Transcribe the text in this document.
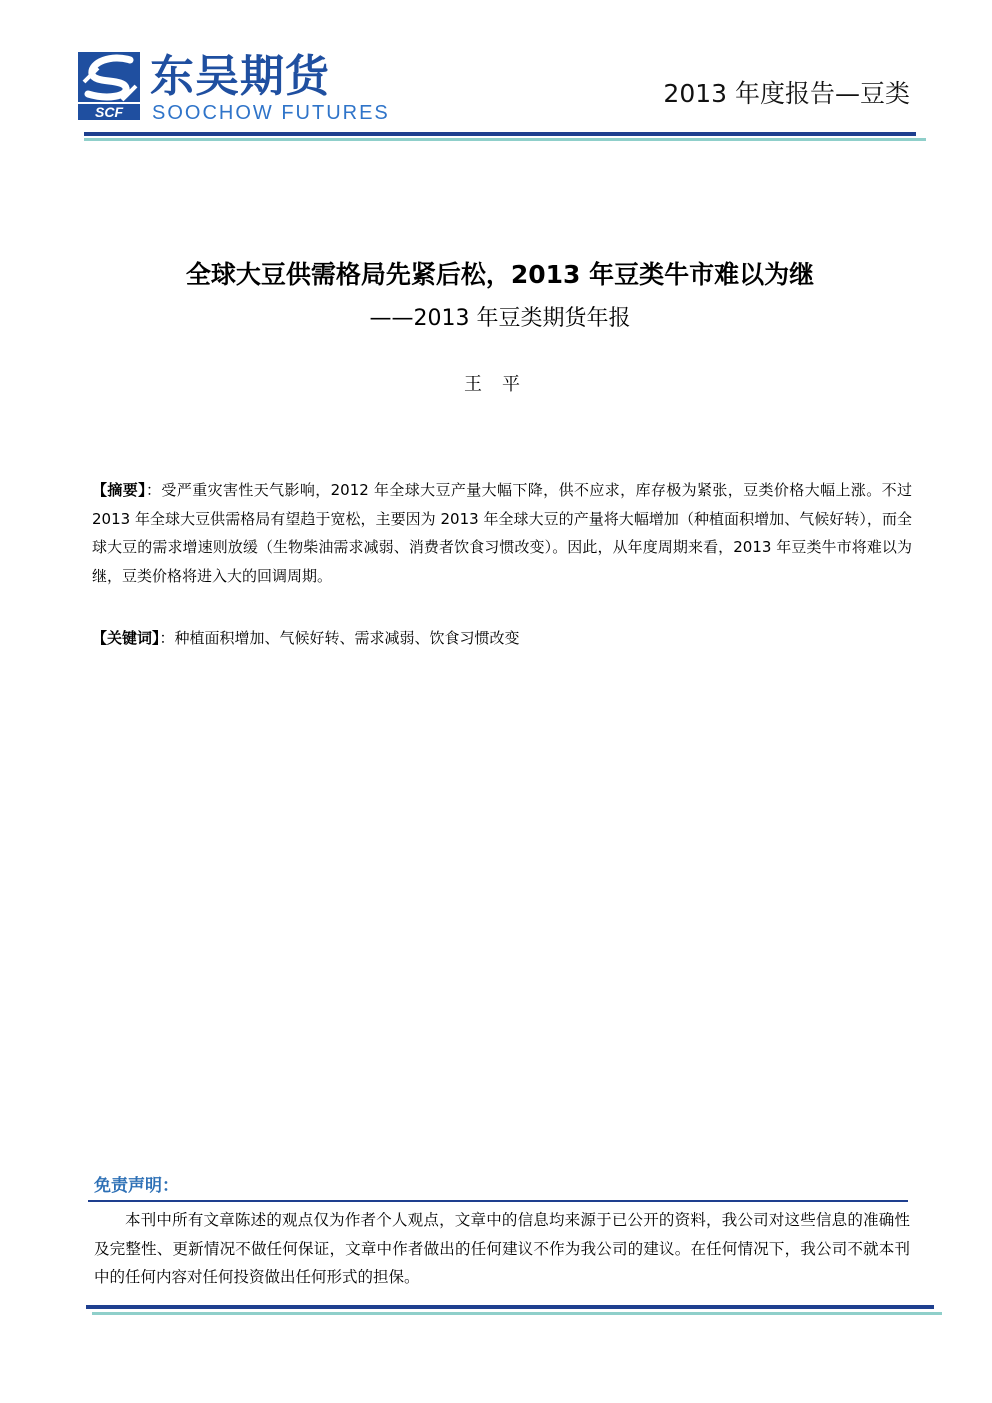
SCF
东吴期货
SOOCHOW FUTURES
2013 年度报告—豆类
全球大豆供需格局先紧后松，2013 年豆类牛市难以为继
——2013 年豆类期货年报
王平

【摘要】：受严重灾害性天气影响，2012 年全球大豆产量大幅下降，供不应求，库存极为紧张，豆类价格大幅上涨。不过 2013 年全球大豆供需格局有望趋于宽松，主要因为 2013 年全球大豆的产量将大幅增加（种植面积增加、气候好转），而全球大豆的需求增速则放缓（生物柴油需求减弱、消费者饮食习惯改变）。因此，从年度周期来看，2013 年豆类牛市将难以为继，豆类价格将进入大的回调周期。

【关键词】：种植面积增加、气候好转、需求减弱、饮食习惯改变

免责声明：

本刊中所有文章陈述的观点仅为作者个人观点，文章中的信息均来源于已公开的资料，我公司对这些信息的准确性及完整性、更新情况不做任何保证，文章中作者做出的任何建议不作为我公司的建议。在任何情况下，我公司不就本刊中的任何内容对任何投资做出任何形式的担保。
